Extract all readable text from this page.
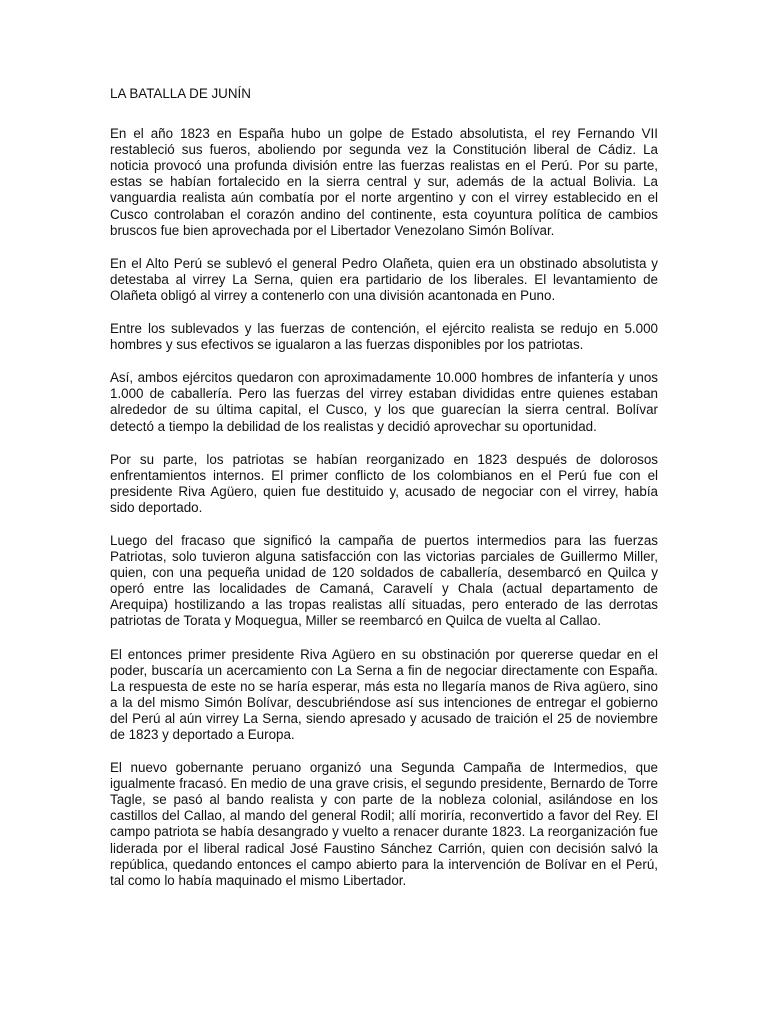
LA BATALLA DE JUNÍN

En el año 1823 en España hubo un golpe de Estado absolutista, el rey Fernando VII restableció sus fueros, aboliendo por segunda vez la Constitución liberal de Cádiz. La noticia provocó una profunda división entre las fuerzas realistas en el Perú. Por su parte, estas se habían fortalecido en la sierra central y sur, además de la actual Bolivia. La vanguardia realista aún combatía por el norte argentino y con el virrey establecido en el Cusco controlaban el corazón andino del continente, esta coyuntura política de cambios bruscos fue bien aprovechada por el Libertador Venezolano Simón Bolívar.

En el Alto Perú se sublevó el general Pedro Olañeta, quien era un obstinado absolutista y detestaba al virrey La Serna, quien era partidario de los liberales. El levantamiento de Olañeta obligó al virrey a contenerlo con una división acantonada en Puno.

Entre los sublevados y las fuerzas de contención, el ejército realista se redujo en 5.000 hombres y sus efectivos se igualaron a las fuerzas disponibles por los patriotas.

Así, ambos ejércitos quedaron con aproximadamente 10.000 hombres de infantería y unos 1.000 de caballería. Pero las fuerzas del virrey estaban divididas entre quienes estaban alrededor de su última capital, el Cusco, y los que guarecían la sierra central. Bolívar detectó a tiempo la debilidad de los realistas y decidió aprovechar su oportunidad.

Por su parte, los patriotas se habían reorganizado en 1823 después de dolorosos enfrentamientos internos. El primer conflicto de los colombianos en el Perú fue con el presidente Riva Agüero, quien fue destituido y, acusado de negociar con el virrey, había sido deportado.

Luego del fracaso que significó la campaña de puertos intermedios para las fuerzas Patriotas, solo tuvieron alguna satisfacción con las victorias parciales de Guillermo Miller, quien, con una pequeña unidad de 120 soldados de caballería, desembarcó en Quilca y operó entre las localidades de Camaná, Caravelí y Chala (actual departamento de Arequipa) hostilizando a las tropas realistas allí situadas, pero enterado de las derrotas patriotas de Torata y Moquegua, Miller se reembarcó en Quilca de vuelta al Callao.

El entonces primer presidente Riva Agüero en su obstinación por quererse quedar en el poder, buscaría un acercamiento con La Serna a fin de negociar directamente con España. La respuesta de este no se haría esperar, más esta no llegaría manos de Riva agüero, sino a la del mismo Simón Bolívar, descubriéndose así sus intenciones de entregar el gobierno del Perú al aún virrey La Serna, siendo apresado y acusado de traición el 25 de noviembre de 1823 y deportado a Europa.

El nuevo gobernante peruano organizó una Segunda Campaña de Intermedios, que igualmente fracasó. En medio de una grave crisis, el segundo presidente, Bernardo de Torre Tagle, se pasó al bando realista y con parte de la nobleza colonial, asilándose en los castillos del Callao, al mando del general Rodil; allí moriría, reconvertido a favor del Rey. El campo patriota se había desangrado y vuelto a renacer durante 1823. La reorganización fue liderada por el liberal radical José Faustino Sánchez Carrión, quien con decisión salvó la república, quedando entonces el campo abierto para la intervención de Bolívar en el Perú, tal como lo había maquinado el mismo Libertador.
